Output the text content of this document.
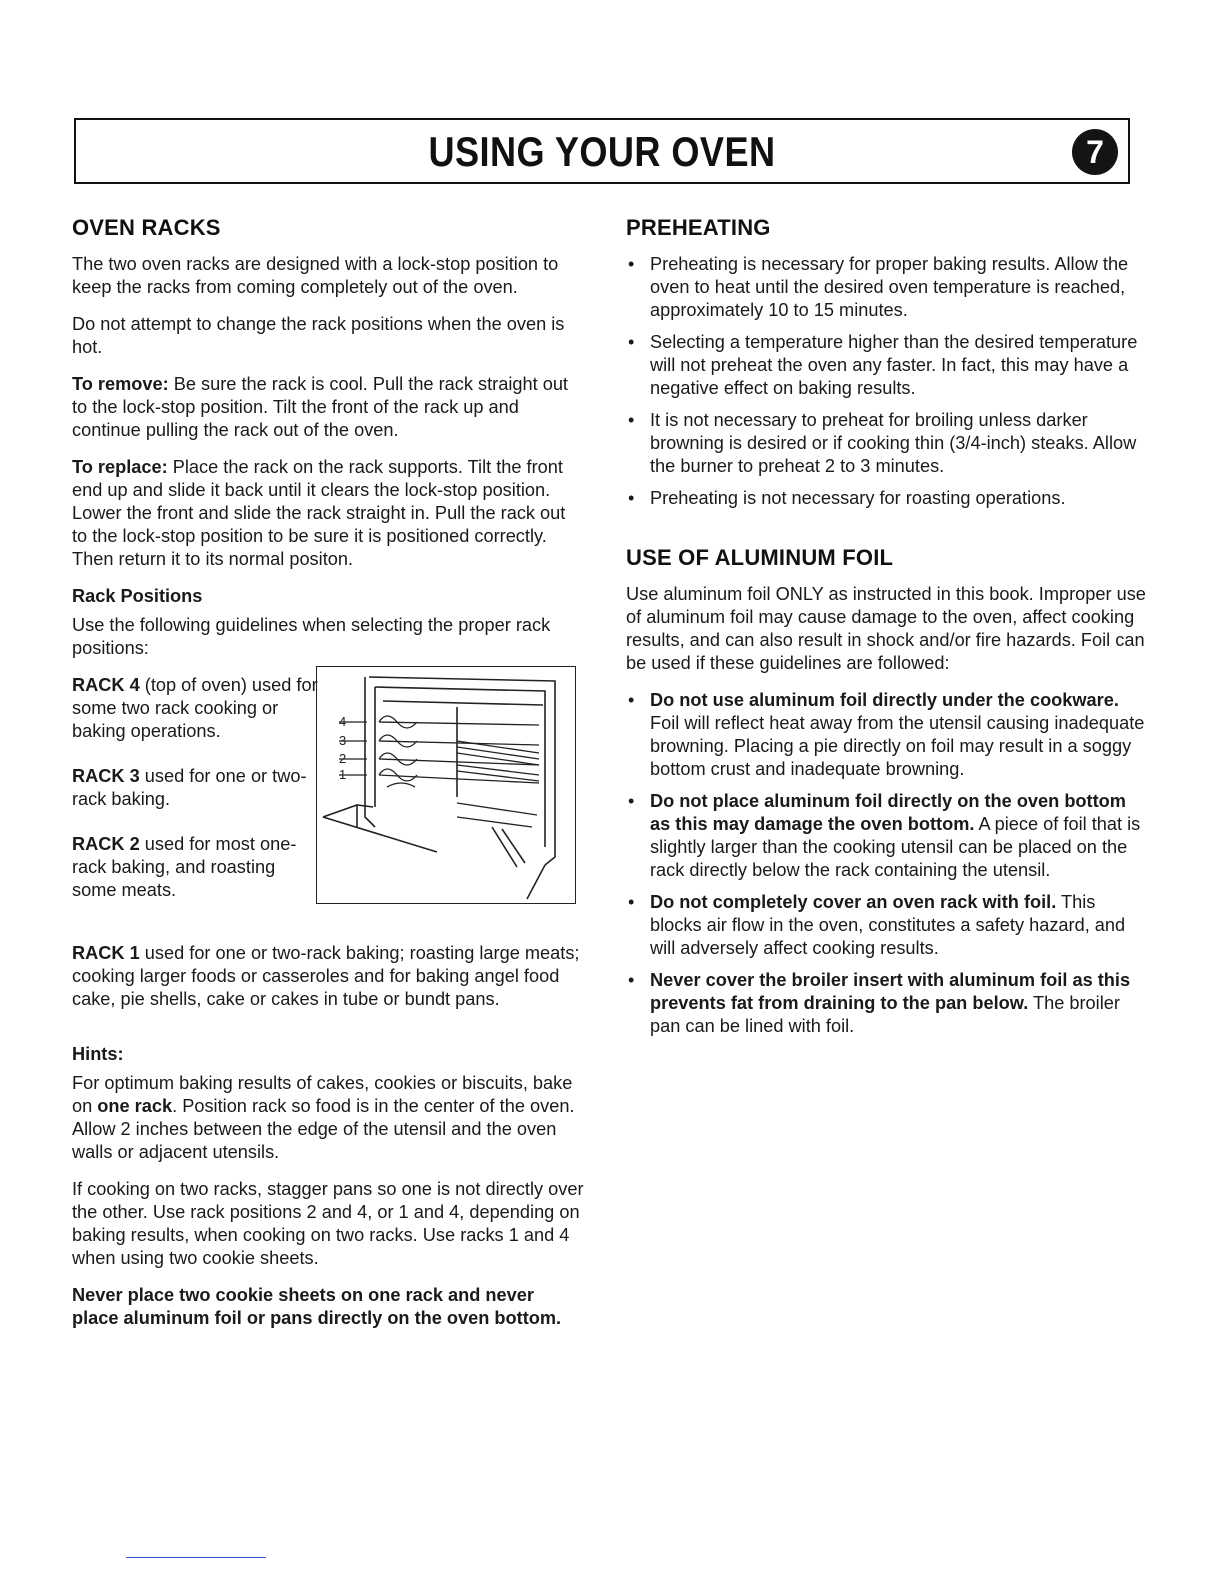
USING YOUR OVEN	7
OVEN RACKS

The two oven racks are designed with a lock-stop position to keep the racks from coming completely out of the oven.

Do not attempt to change the rack positions when the oven is hot.

To remove: Be sure the rack is cool. Pull the rack straight out to the lock-stop position. Tilt the front of the rack up and continue pulling the rack out of the oven.

To replace: Place the rack on the rack supports. Tilt the front end up and slide it back until it clears the lock-stop position. Lower the front and slide the rack straight in. Pull the rack out to the lock-stop position to be sure it is positioned correctly. Then return it to its normal positon.

Rack Positions

Use the following guidelines when selecting the proper rack positions:

RACK 4 (top of oven) used for some two rack cooking or baking operations.

RACK 3 used for one or two-rack baking.

RACK 2 used for most one-rack baking, and roasting some meats.

4
3
2
1

RACK 1 used for one or two-rack baking; roasting large meats; cooking larger foods or casseroles and for baking angel food cake, pie shells, cake or cakes in tube or bundt pans.

Hints:

For optimum baking results of cakes, cookies or biscuits, bake on one rack. Position rack so food is in the center of the oven. Allow 2 inches between the edge of the utensil and the oven walls or adjacent utensils.

If cooking on two racks, stagger pans so one is not directly over the other. Use rack positions 2 and 4, or 1 and 4, depending on baking results, when cooking on two racks. Use racks 1 and 4 when using two cookie sheets.

Never place two cookie sheets on one rack and never place aluminum foil or pans directly on the oven bottom.

PREHEATING
• Preheating is necessary for proper baking results. Allow the oven to heat until the desired oven temperature is reached, approximately 10 to 15 minutes.
• Selecting a temperature higher than the desired temperature will not preheat the oven any faster. In fact, this may have a negative effect on baking results.
• It is not necessary to preheat for broiling unless darker browning is desired or if cooking thin (3/4-inch) steaks. Allow the burner to preheat 2 to 3 minutes.
• Preheating is not necessary for roasting operations.
USE OF ALUMINUM FOIL

Use aluminum foil ONLY as instructed in this book. Improper use of aluminum foil may cause damage to the oven, affect cooking results, and can also result in shock and/or fire hazards. Foil can be used if these guidelines are followed:

• Do not use aluminum foil directly under the cookware. Foil will reflect heat away from the utensil causing inadequate browning. Placing a pie directly on foil may result in a soggy bottom crust and inadequate browning.
• Do not place aluminum foil directly on the oven bottom as this may damage the oven bottom. A piece of foil that is slightly larger than the cooking utensil can be placed on the rack directly below the rack containing the utensil.
• Do not completely cover an oven rack with foil. This blocks air flow in the oven, constitutes a safety hazard, and will adversely affect cooking results.
• Never cover the broiler insert with aluminum foil as this prevents fat from draining to the pan below. The broiler pan can be lined with foil.
